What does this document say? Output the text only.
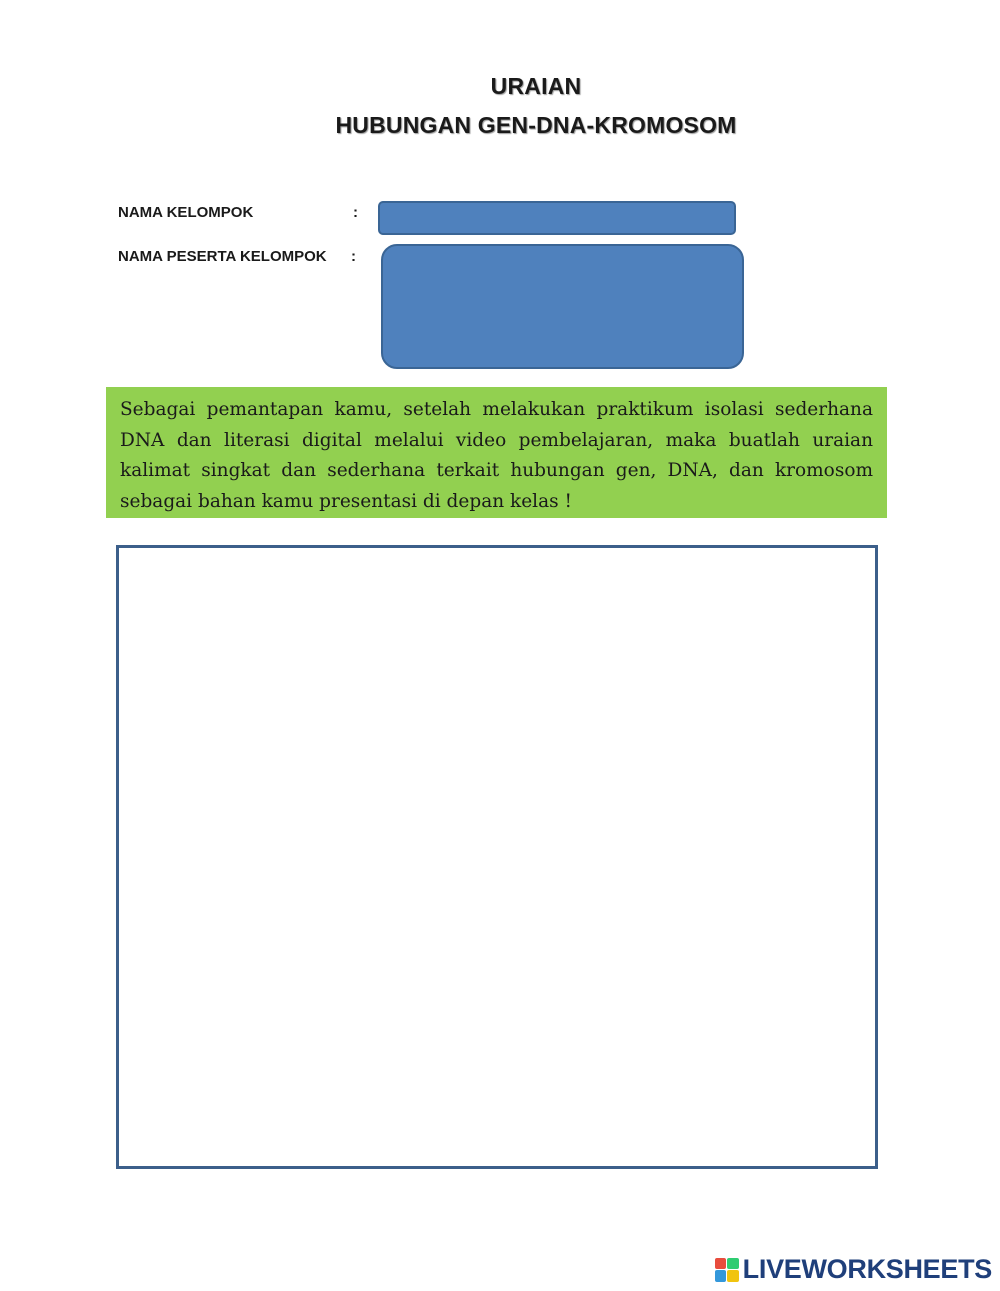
URAIAN
HUBUNGAN GEN-DNA-KROMOSOM
NAMA KELOMPOK	:
NAMA PESERTA KELOMPOK :
Sebagai pemantapan kamu, setelah melakukan praktikum isolasi sederhana DNA dan literasi digital melalui video pembelajaran, maka buatlah uraian kalimat singkat dan sederhana terkait hubungan gen, DNA, dan kromosom sebagai bahan kamu presentasi di depan kelas !
LIVEWORKSHEETS
